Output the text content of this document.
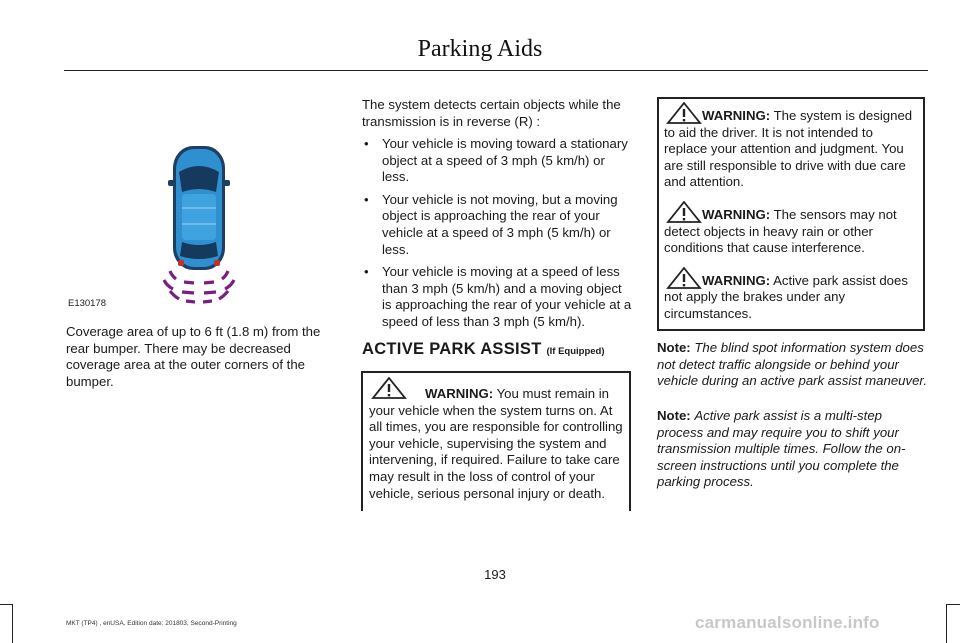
Parking Aids
E130178
Coverage area of up to 6 ft (1.8 m) from the rear bumper. There may be decreased coverage area at the outer corners of the bumper.
The system detects certain objects while the transmission is in reverse (R) :
• Your vehicle is moving toward a stationary object at a speed of 3 mph (5 km/h) or less.
• Your vehicle is not moving, but a moving object is approaching the rear of your vehicle at a speed of 3 mph (5 km/h) or less.
• Your vehicle is moving at a speed of less than 3 mph (5 km/h) and a moving object is approaching the rear of your vehicle at a speed of less than 3 mph (5 km/h).
ACTIVE PARK ASSIST (If Equipped)
WARNING: You must remain in your vehicle when the system turns on. At all times, you are responsible for controlling your vehicle, supervising the system and intervening, if required. Failure to take care may result in the loss of control of your vehicle, serious personal injury or death.
WARNING: The system is designed to aid the driver. It is not intended to replace your attention and judgment. You are still responsible to drive with due care and attention.
WARNING: The sensors may not detect objects in heavy rain or other conditions that cause interference.
WARNING: Active park assist does not apply the brakes under any circumstances.
Note: The blind spot information system does not detect traffic alongside or behind your vehicle during an active park assist maneuver.
Note: Active park assist is a multi-step process and may require you to shift your transmission multiple times. Follow the on-screen instructions until you complete the parking process.
193
MKT (TP4) , enUSA, Edition date: 201803, Second-Printing	carmanualsonline.info
